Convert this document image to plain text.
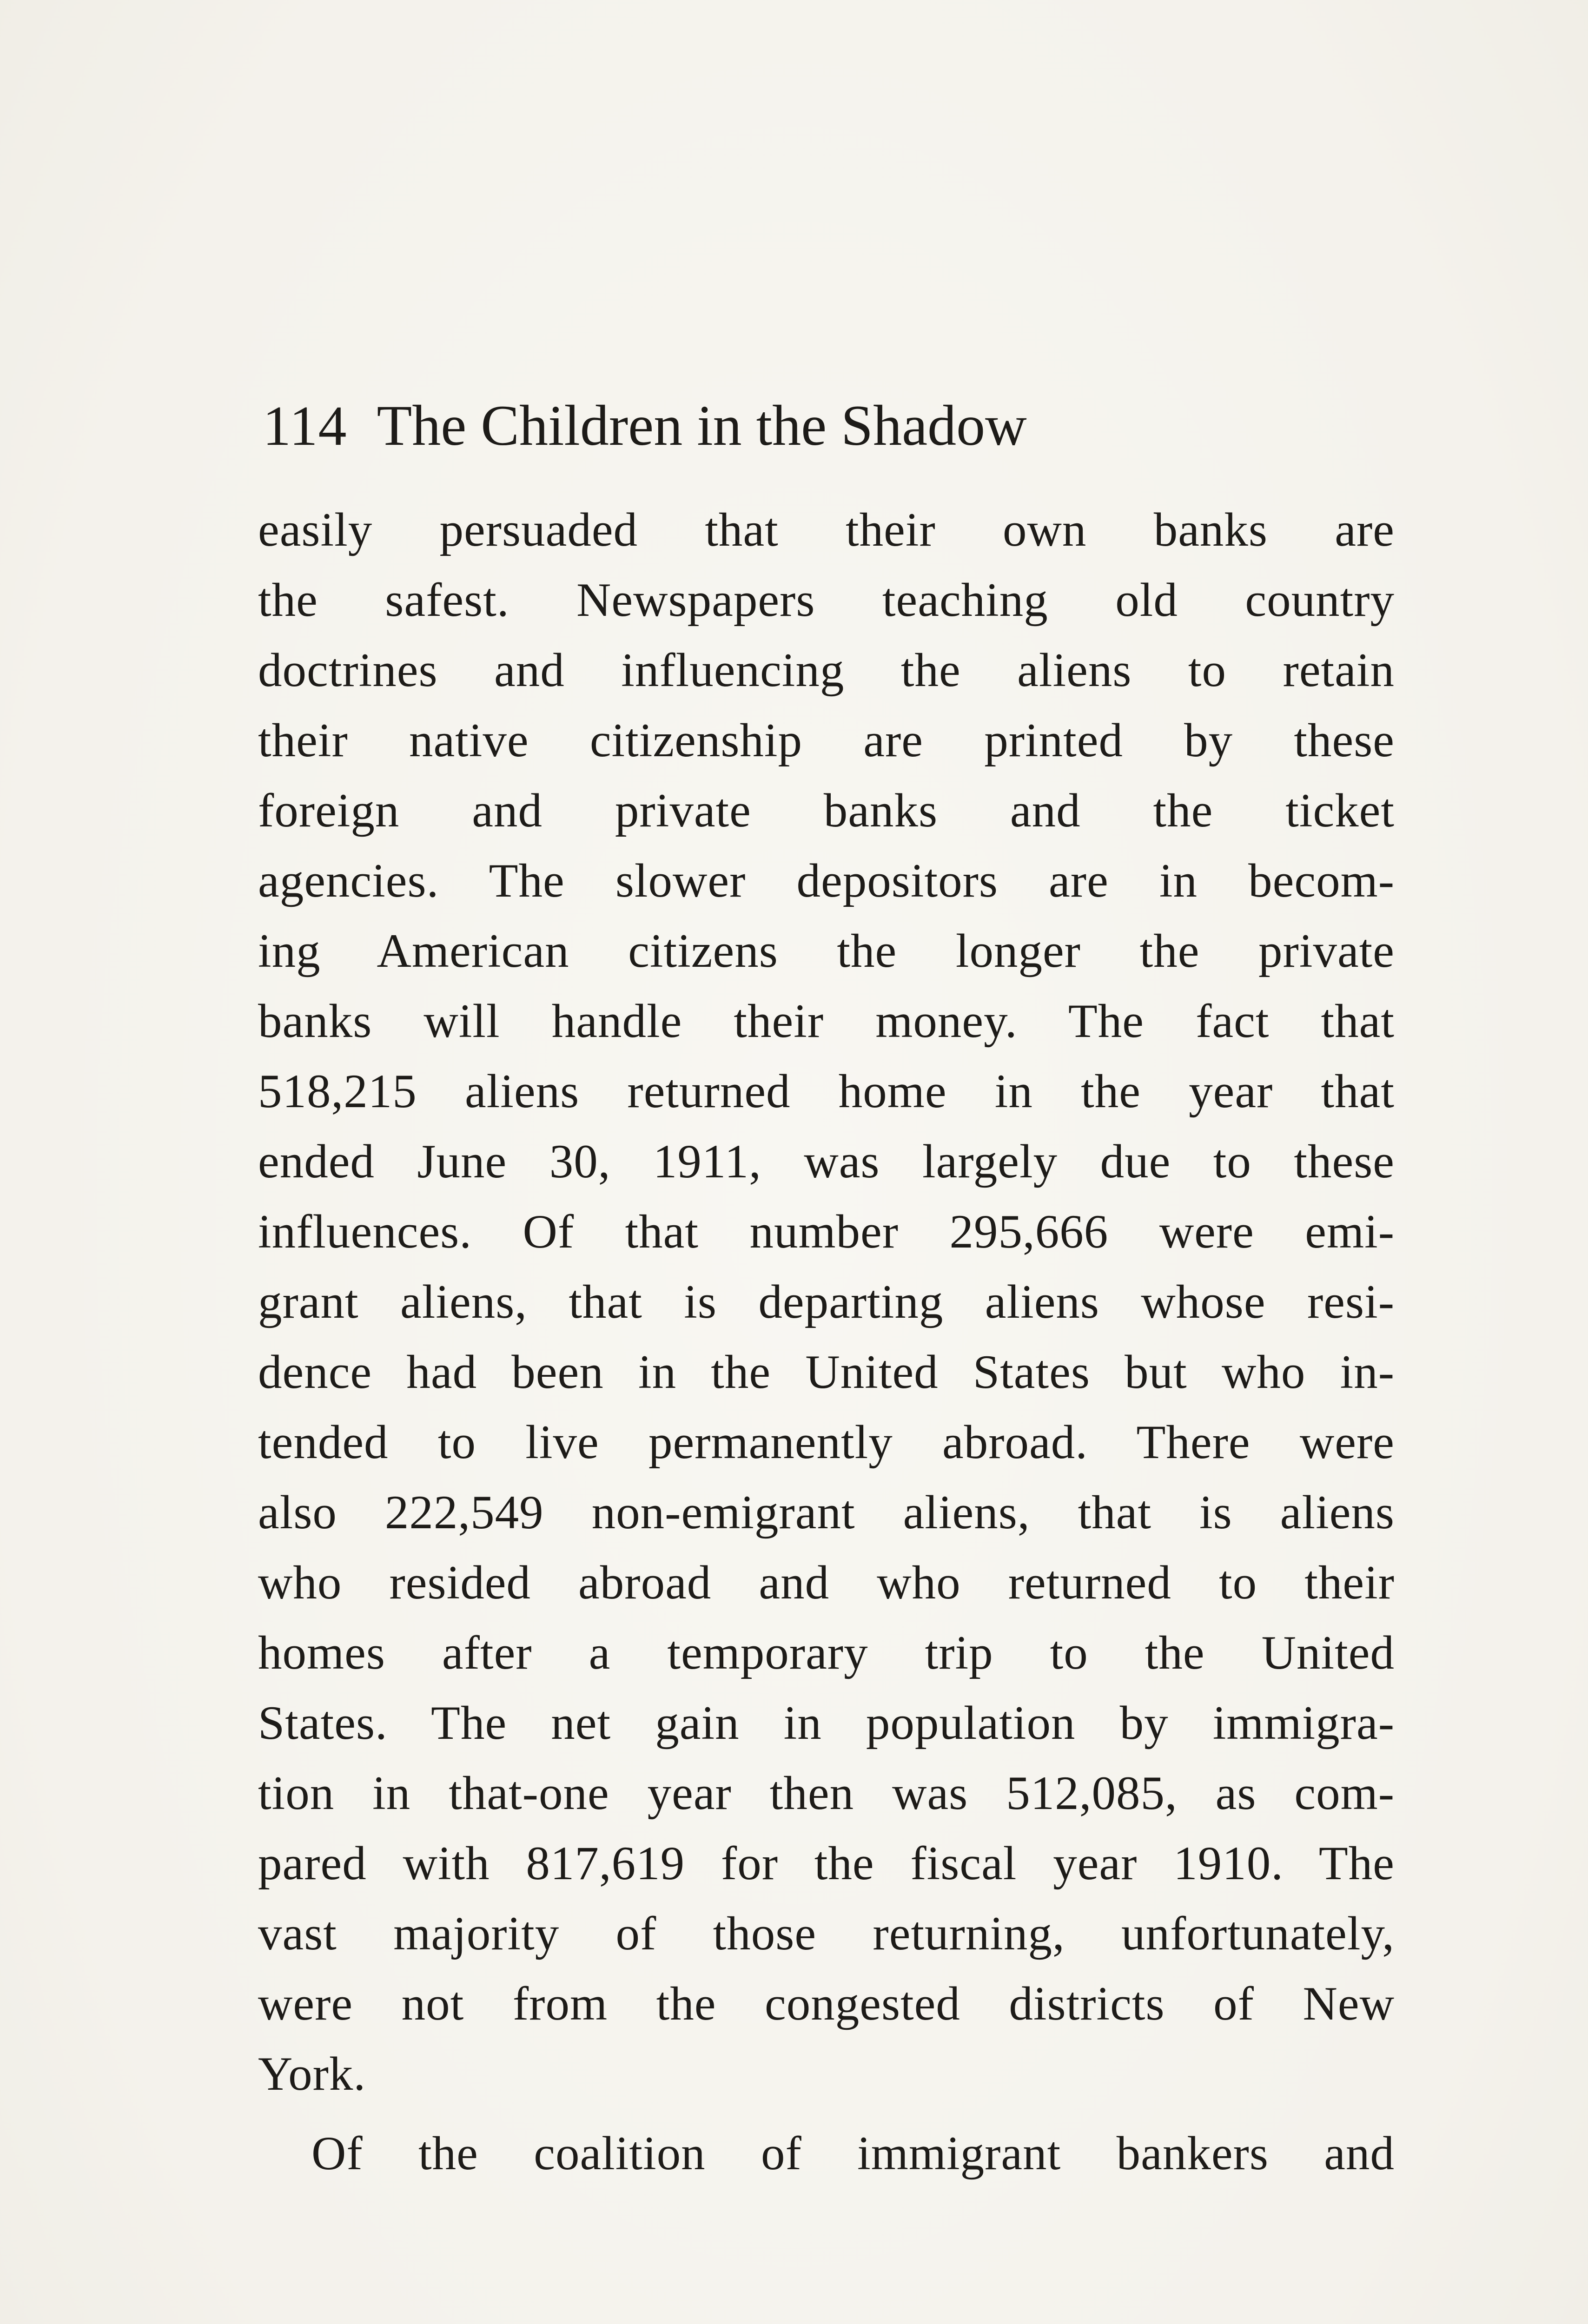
114 The Children in the Shadow
easily persuaded that their own banks are
the safest. Newspapers teaching old country
doctrines and influencing the aliens to retain
their native citizenship are printed by these
foreign and private banks and the ticket
agencies. The slower depositors are in becom-
ing American citizens the longer the private
banks will handle their money. The fact that
518,215 aliens returned home in the year that
ended June 30, 1911, was largely due to these
influences. Of that number 295,666 were emi-
grant aliens, that is departing aliens whose resi-
dence had been in the United States but who in-
tended to live permanently abroad. There were
also 222,549 non-emigrant aliens, that is aliens
who resided abroad and who returned to their
homes after a temporary trip to the United
States. The net gain in population by immigra-
tion in that-one year then was 512,085, as com-
pared with 817,619 for the fiscal year 1910. The
vast majority of those returning, unfortunately,
were not from the congested districts of New
York.
Of the coalition of immigrant bankers and
